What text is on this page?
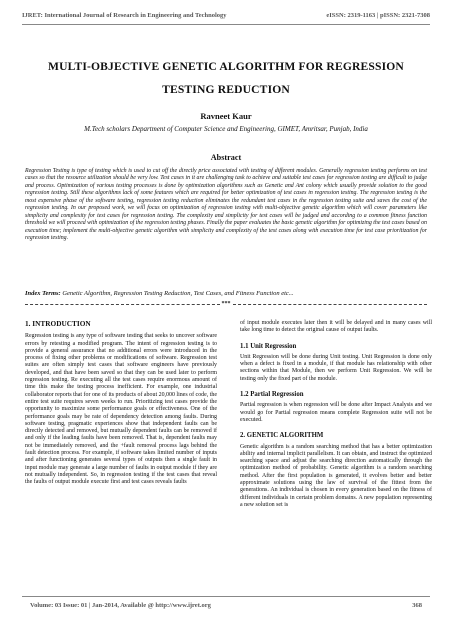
IJRET: International Journal of Research in Engineering and Technology	eISSN: 2319-1163 | pISSN: 2321-7308
MULTI-OBJECTIVE GENETIC ALGORITHM FOR REGRESSION TESTING REDUCTION
Ravneet Kaur
M.Tech scholars Department of Computer Science and Engineering, GIMET, Amritsar, Punjab, India
Abstract
Regression Testing is type of testing which is used to cut off the directly price associated with testing of different modules. Generally regression testing performs on test cases so that the resource utilization should be very low. Test cases in it are challenging task to achieve and suitable test cases for regression testing are difficult to judge and process. Optimization of various testing processes is done by optimization algorithms such as Genetic and Ant colony which usually provide solution to the good regression testing. Still these algorithms lack of some features which are required for better optimization of test cases in regression testing. The regression testing is the most expensive phase of the software testing, regression testing reduction eliminates the redundant test cases in the regression testing suite and saves the cost of the regression testing. In our proposed work, we will focus on optimization of regression testing with multi-objective genetic algorithm which will cover parameters like simplicity and complexity for test cases for regression testing. The complexity and simplicity for test cases will be judged and according to a common fitness function threshold we will proceed with optimization of the regression testing phases. Finally the paper evaluates the basic genetic algorithm for optimizing the test cases based on execution time; implement the multi-objective genetic algorithm with simplicity and complexity of the test cases along with execution time for test case prioritization for regression testing.
Index Terms: Genetic Algorithm, Regression Testing Reduction, Test Cases, and Fitness Function etc...
***
1. INTRODUCTION

Regression testing is any type of software testing that seeks to uncover software errors by retesting a modified program. The intent of regression testing is to provide a general assurance that no additional errors were introduced in the process of fixing other problems or modifications of software. Regression test suites are often simply test cases that software engineers have previously developed, and that have been saved so that they can be used later to perform regression testing. Re executing all the test cases require enormous amount of time this make the testing process inefficient. For example, one industrial collaborator reports that for one of its products of about 20,000 lines of code, the entire test suite requires seven weeks to run. Prioritizing test cases provide the opportunity to maximize some performance goals or effectiveness. One of the performance goals may be rate of dependency detection among faults. During software testing, pragmatic experiences show that independent faults can be directly detected and removed, but mutually dependent faults can be removed if and only if the leading faults have been removed. That is, dependent faults may not be immediately removed, and the +fault removal process lags behind the fault detection process. For example, if software takes limited number of inputs and after functioning generates several types of outputs then a single fault in input module may generate a large number of faults in output module if they are not mutually independent. So, in regression testing if the test cases that reveal the faults of output module execute first and test cases reveals faults

of input module executes later then it will be delayed and in many cases will take long time to detect the original cause of output faults.

1.1 Unit Regression

Unit Regression will be done during Unit testing. Unit Regression is done only when a defect is fixed in a module, if that module has relationship with other sections within that Module, then we perform Unit Regression. We will be testing only the fixed part of the module.

1.2 Partial Regression

Partial regression is when regression will be done after Impact Analysis and we would go for Partial regression means complete Regression suite will not be executed.

2. GENETIC ALGORITHM

Genetic algorithm is a random searching method that has a better optimization ability and internal implicit parallelism. It can obtain, and instruct the optimized searching space and adjust the searching direction automatically through the optimization method of probability. Genetic algorithm is a random searching method. After the first population is generated, it evolves better and better approximate solutions using the law of survival of the fittest from the generations. An individual is chosen in every generation based on the fitness of different individuals in certain problem domains. A new population representing a new solution set is

Volume: 03 Issue: 01 | Jan-2014, Available @ http://www.ijret.org	368
